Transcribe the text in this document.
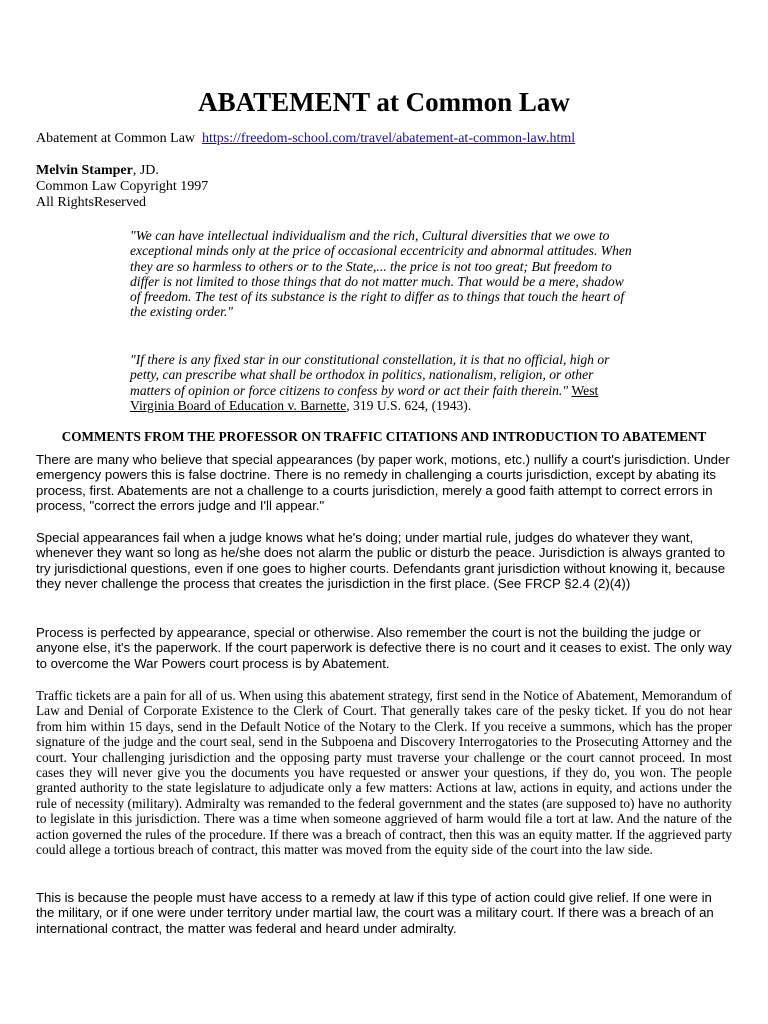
ABATEMENT at Common Law
Abatement at Common Law https://freedom-school.com/travel/abatement-at-common-law.html
Melvin Stamper, JD.
Common Law Copyright 1997
All RightsReserved
"We can have intellectual individualism and the rich, Cultural diversities that we owe to exceptional minds only at the price of occasional eccentricity and abnormal attitudes. When they are so harmless to others or to the State,... the price is not too great; But freedom to differ is not limited to those things that do not matter much. That would be a mere, shadow of freedom. The test of its substance is the right to differ as to things that touch the heart of the existing order."
"If there is any fixed star in our constitutional constellation, it is that no official, high or petty, can prescribe what shall be orthodox in politics, nationalism, religion, or other matters of opinion or force citizens to confess by word or act their faith therein." West Virginia Board of Education v. Barnette, 319 U.S. 624, (1943).
COMMENTS FROM THE PROFESSOR ON TRAFFIC CITATIONS AND INTRODUCTION TO ABATEMENT

There are many who believe that special appearances (by paper work, motions, etc.) nullify a court's jurisdiction. Under emergency powers this is false doctrine. There is no remedy in challenging a courts jurisdiction, except by abating its process, first. Abatements are not a challenge to a courts jurisdiction, merely a good faith attempt to correct errors in process, "correct the errors judge and I'll appear."

Special appearances fail when a judge knows what he's doing; under martial rule, judges do whatever they want, whenever they want so long as he/she does not alarm the public or disturb the peace. Jurisdiction is always granted to try jurisdictional questions, even if one goes to higher courts. Defendants grant jurisdiction without knowing it, because they never challenge the process that creates the jurisdiction in the first place. (See FRCP §2.4 (2)(4))

Process is perfected by appearance, special or otherwise. Also remember the court is not the building the judge or anyone else, it's the paperwork. If the court paperwork is defective there is no court and it ceases to exist. The only way to overcome the War Powers court process is by Abatement.

Traffic tickets are a pain for all of us. When using this abatement strategy, first send in the Notice of Abatement, Memorandum of Law and Denial of Corporate Existence to the Clerk of Court. That generally takes care of the pesky ticket. If you do not hear from him within 15 days, send in the Default Notice of the Notary to the Clerk. If you receive a summons, which has the proper signature of the judge and the court seal, send in the Subpoena and Discovery Interrogatories to the Prosecuting Attorney and the court. Your challenging jurisdiction and the opposing party must traverse your challenge or the court cannot proceed. In most cases they will never give you the documents you have requested or answer your questions, if they do, you won. The people granted authority to the state legislature to adjudicate only a few matters: Actions at law, actions in equity, and actions under the rule of necessity (military). Admiralty was remanded to the federal government and the states (are supposed to) have no authority to legislate in this jurisdiction. There was a time when someone aggrieved of harm would file a tort at law. And the nature of the action governed the rules of the procedure. If there was a breach of contract, then this was an equity matter. If the aggrieved party could allege a tortious breach of contract, this matter was moved from the equity side of the court into the law side.

This is because the people must have access to a remedy at law if this type of action could give relief. If one were in the military, or if one were under territory under martial law, the court was a military court. If there was a breach of an international contract, the matter was federal and heard under admiralty.
